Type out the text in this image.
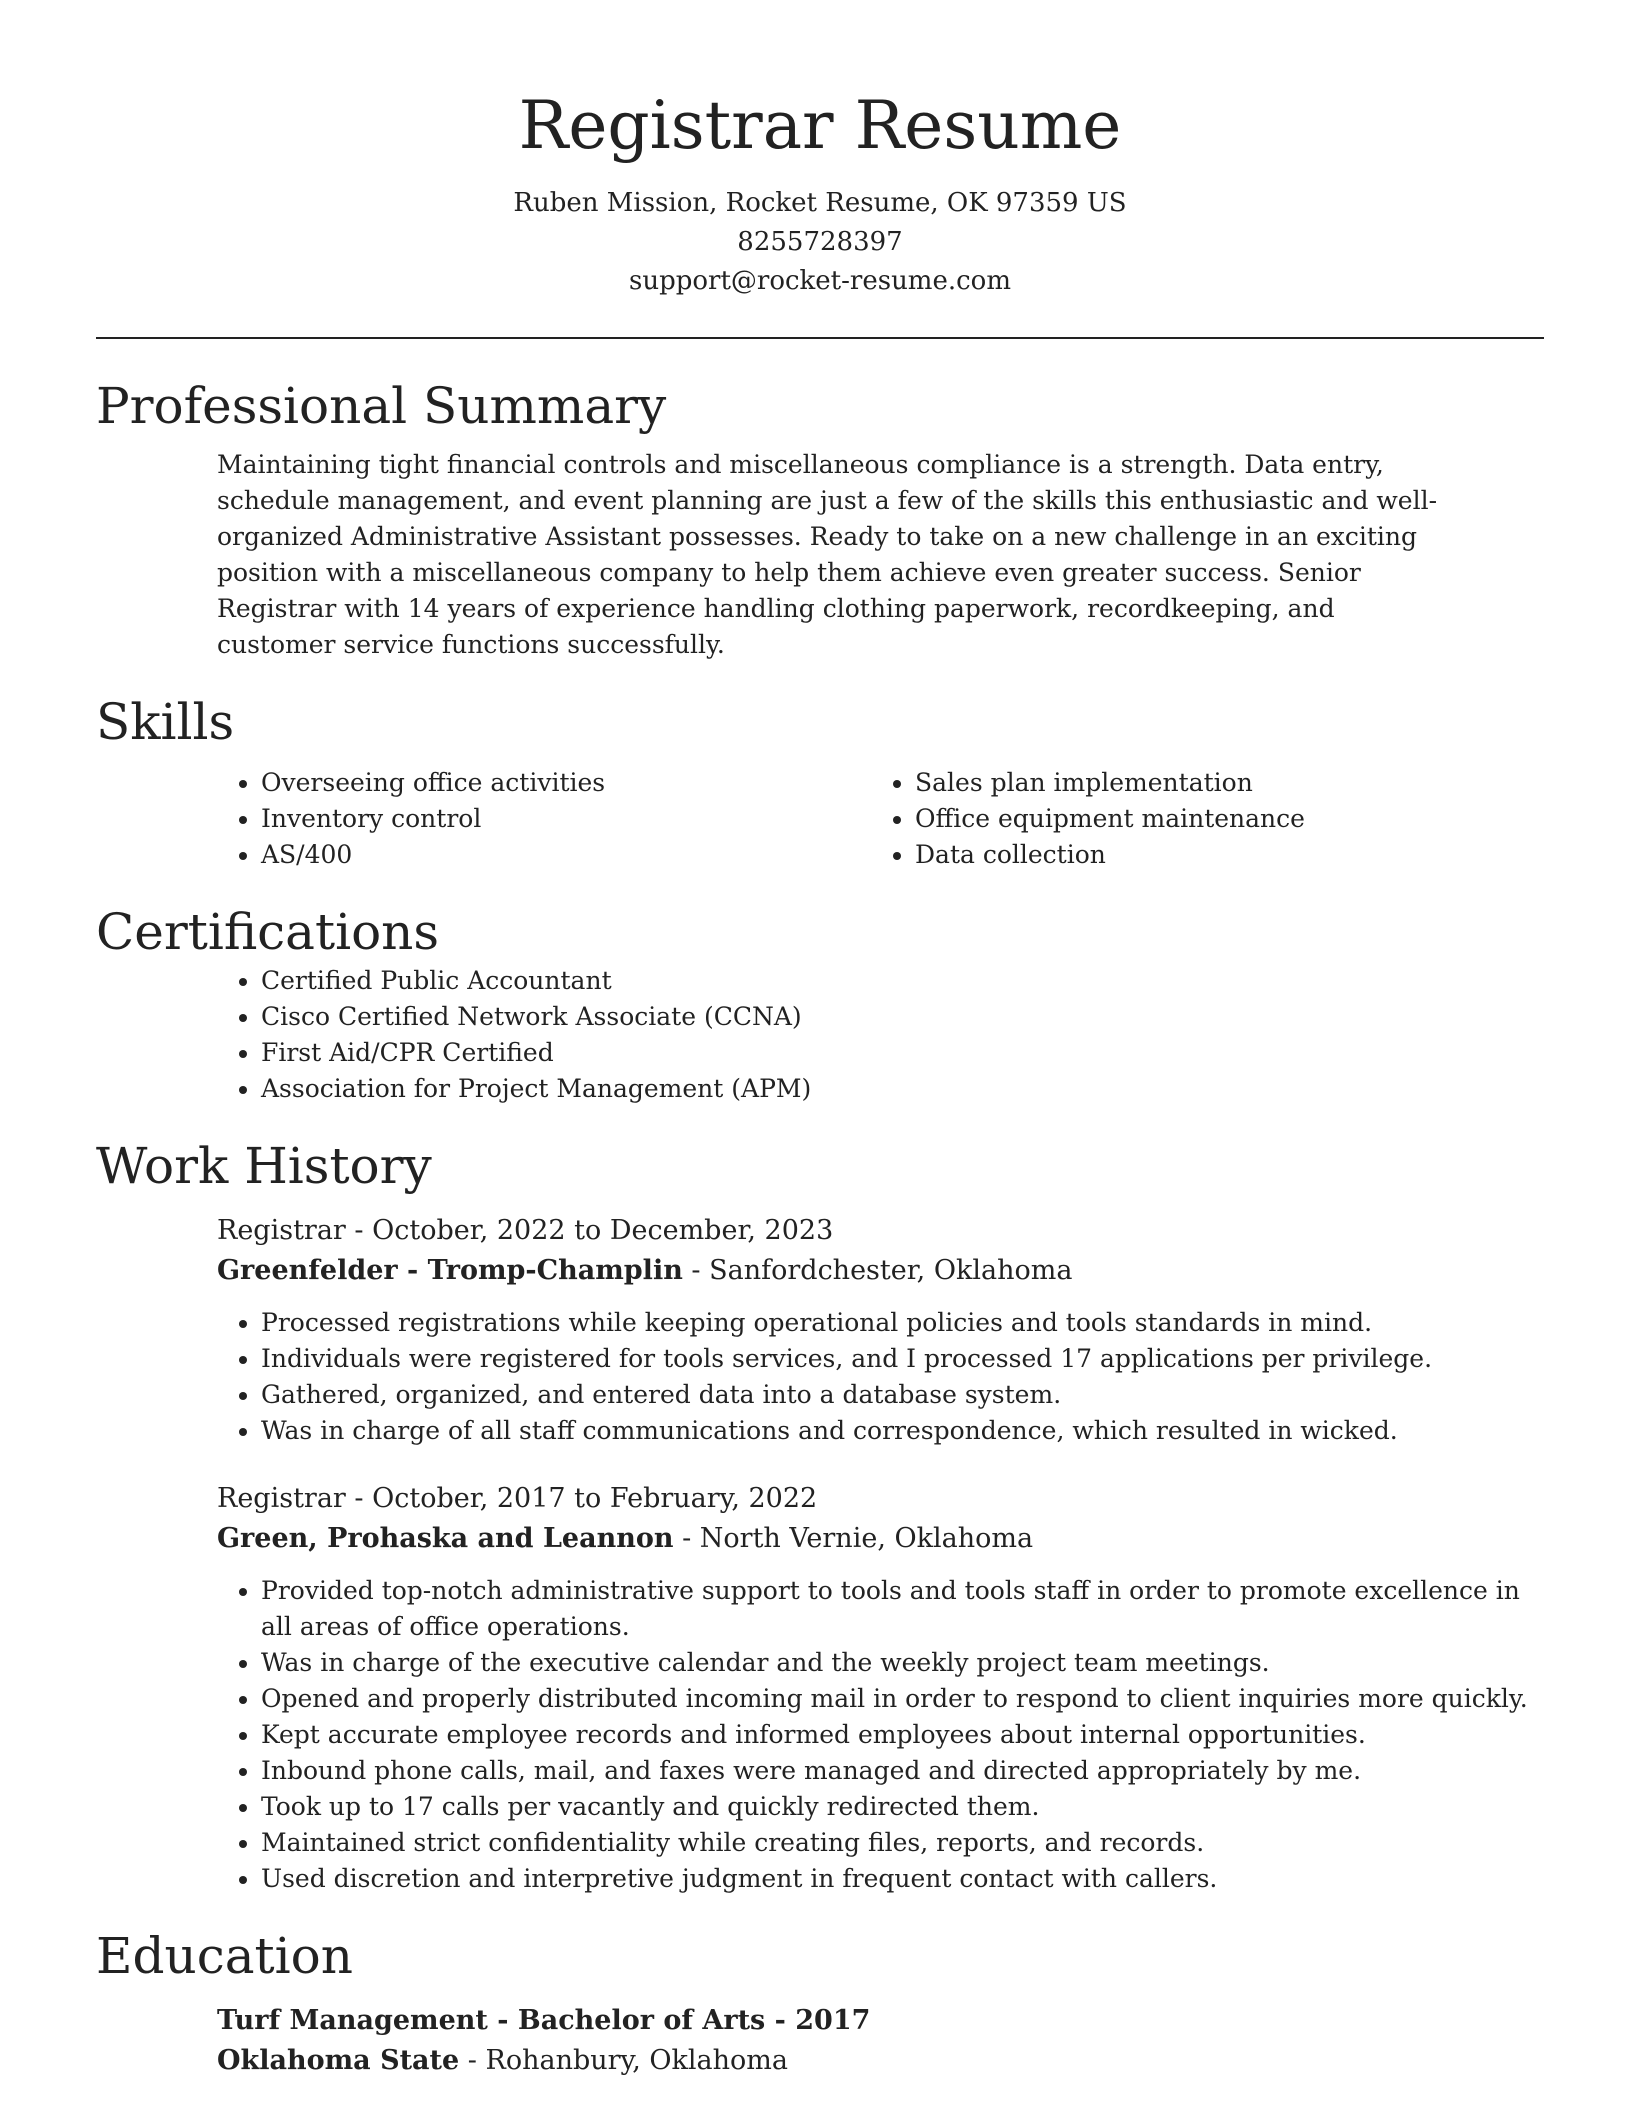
Registrar Resume
Ruben Mission, Rocket Resume, OK 97359 US
8255728397
support@rocket-resume.com
Professional Summary

Maintaining tight financial controls and miscellaneous compliance is a strength. Data entry, schedule management, and event planning are just a few of the skills this enthusiastic and well-organized Administrative Assistant possesses. Ready to take on a new challenge in an exciting position with a miscellaneous company to help them achieve even greater success. Senior Registrar with 14 years of experience handling clothing paperwork, recordkeeping, and customer service functions successfully.

Skills
• Overseeing office activities
• Inventory control
• AS/400
• Sales plan implementation
• Office equipment maintenance
• Data collection
Certifications
• Certified Public Accountant
• Cisco Certified Network Associate (CCNA)
• First Aid/CPR Certified
• Association for Project Management (APM)
Work History
Registrar - October, 2022 to December, 2023
Greenfelder - Tromp-Champlin - Sanfordchester, Oklahoma
• Processed registrations while keeping operational policies and tools standards in mind.
• Individuals were registered for tools services, and I processed 17 applications per privilege.
• Gathered, organized, and entered data into a database system.
• Was in charge of all staff communications and correspondence, which resulted in wicked.
Registrar - October, 2017 to February, 2022
Green, Prohaska and Leannon - North Vernie, Oklahoma
• Provided top-notch administrative support to tools and tools staff in order to promote excellence in all areas of office operations.
• Was in charge of the executive calendar and the weekly project team meetings.
• Opened and properly distributed incoming mail in order to respond to client inquiries more quickly.
• Kept accurate employee records and informed employees about internal opportunities.
• Inbound phone calls, mail, and faxes were managed and directed appropriately by me.
• Took up to 17 calls per vacantly and quickly redirected them.
• Maintained strict confidentiality while creating files, reports, and records.
• Used discretion and interpretive judgment in frequent contact with callers.
Education
Turf Management - Bachelor of Arts - 2017
Oklahoma State - Rohanbury, Oklahoma
